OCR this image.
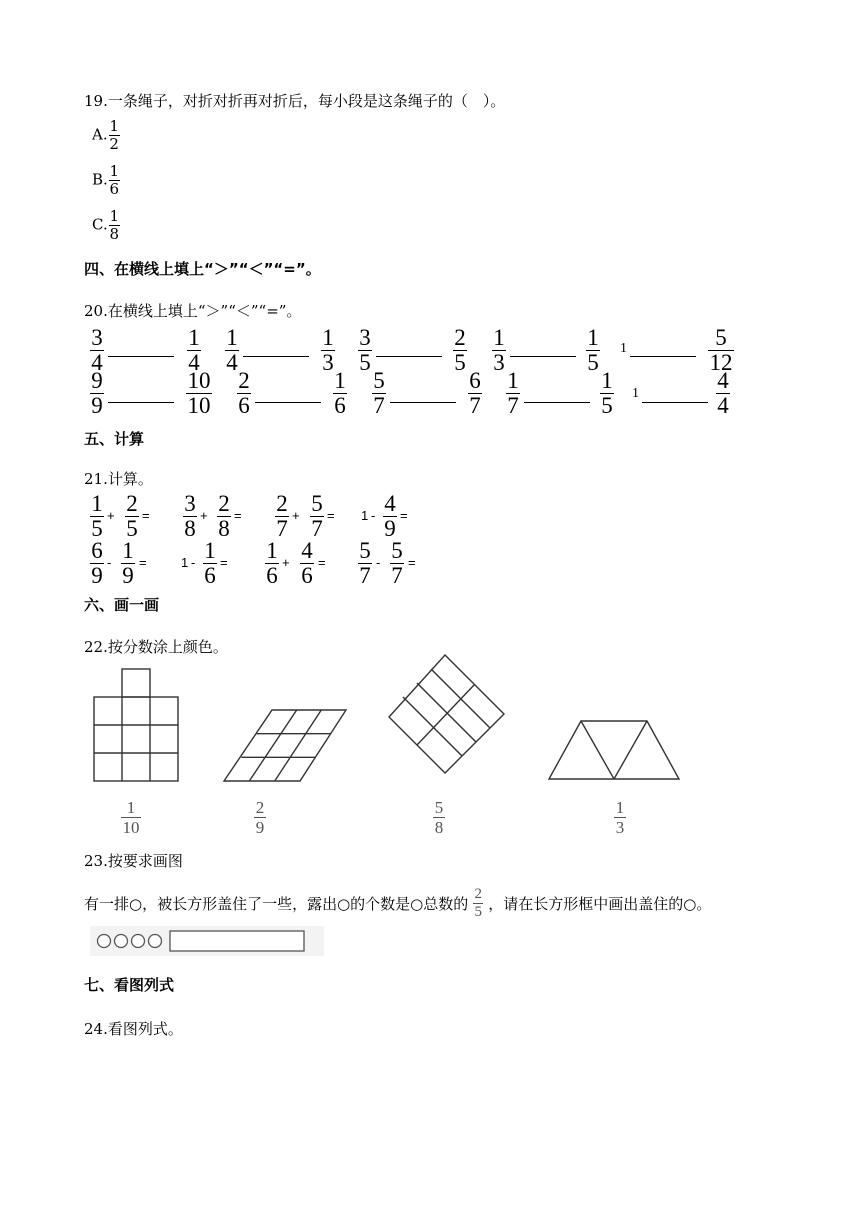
19.一条绳子，对折对折再对折后，每小段是这条绳子的（　）。
A. $\frac{1}{2}$
B. $\frac{1}{6}$
C. $\frac{1}{8}$
四、在横线上填上“＞”“＜”“=”。
20.在横线上填上“＞”“＜”“=”。
3
4
1
4
1
4
1
3
3
5
2
5
1
3
1
5
1	5
12
9
9
10
10
2
6
1
6
5
7
6
7
1
7
1
5 1
4
4
五、计算
21.计算。
1
5
+ 2
5
= 3
8
+ 2
8
= 2
7
+ 5
7
= 1 - 4
9
=
6
9
- 1
9
=	1 - 1
6
= 1
6
+ 4
6
= 5
7
- 5
7
=
六、画一画
22.按分数涂上颜色。
1
10
2
9
5
8
1
3
23.按要求画图
有一排○，被长方形盖住了一些，露出○的个数是○总数的
2
5 ，请在长方形框中画出盖住的○。
七、看图列式
24.看图列式。
